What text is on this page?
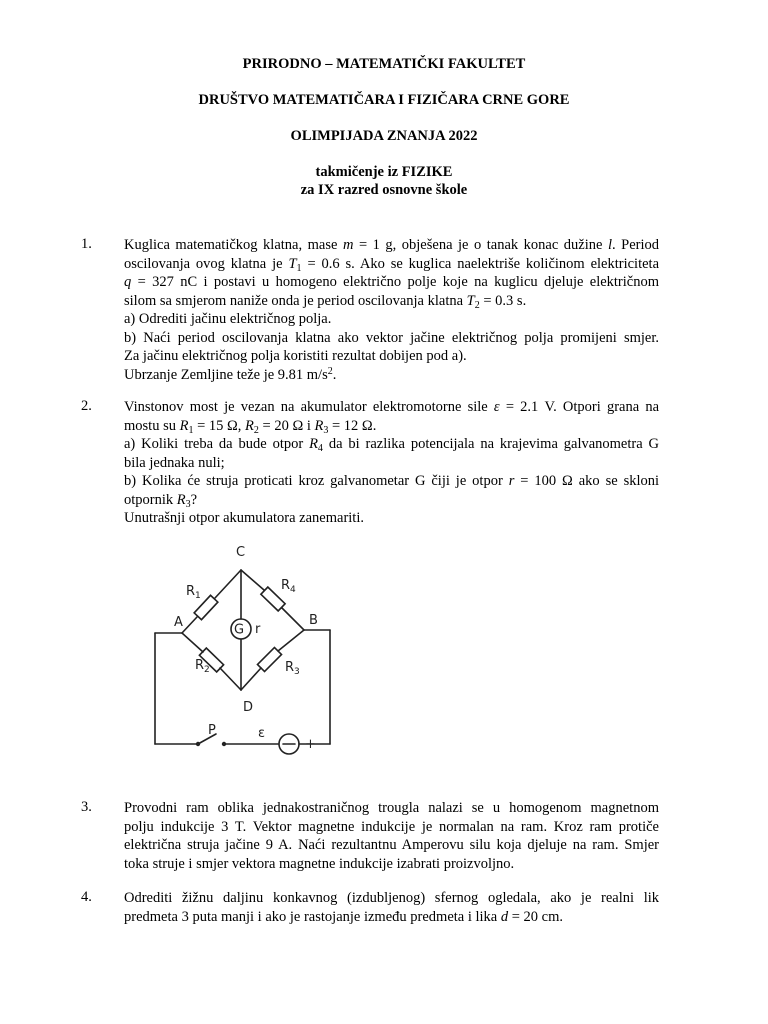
PRIRODNO – MATEMATIČKI FAKULTET
DRUŠTVO MATEMATIČARA I FIZIČARA CRNE GORE
OLIMPIJADA ZNANJA 2022
takmičenje iz FIZIKE
za IX razred osnovne škole
1. Kuglica matematičkog klatna, mase m = 1 g, obješena je o tanak konac dužine l. Period
oscilovanja ovog klatna je $T_1 = 0.6$ s. Ako se kuglica naelektriše količinom elektriciteta
q = 327 nC i postavi u homogeno električno polje koje na kuglicu djeluje električnom
silom sa smjerom naniže onda je period oscilovanja klatna $T_2 = 0.3$ s.
a) Odrediti jačinu električnog polja.
b) Naći period oscilovanja klatna ako vektor jačine električnog polja promijeni smjer.
Za jačinu električnog polja koristiti rezultat dobijen pod a).
Ubrzanje Zemljine teže je 9.81 $m/s^2$.
2. Vinstonov most je vezan na akumulator elektromotorne sile ε = 2.1 V. Otpori grana na
mostu su $R_1 = 15$ Ω, $R_2 = 20$ Ω i $R_3 = 12$ Ω.
a) Koliki treba da bude otpor $R_4$ da bi razlika potencijala na krajevima galvanometra G
bila jednaka nuli;
b) Kolika će struja proticati kroz galvanometar G čiji je otpor r = 100 Ω ako se skloni
otpornik $R_3$?
Unutrašnji otpor akumulatora zanemariti.
C
A	B
D
G r
$R_1$
$R_4$
$R_2$	$R_3$
P	ε
+
3. Provodni ram oblika jednakostraničnog trougla nalazi se u homogenom magnetnom
polju indukcije 3 T. Vektor magnetne indukcije je normalan na ram. Kroz ram protiče
električna struja jačine 9 A. Naći rezultantnu Amperovu silu koja djeluje na ram. Smjer
toka struje i smjer vektora magnetne indukcije izabrati proizvoljno.
4. Odrediti žižnu daljinu konkavnog (izdubljenog) sfernog ogledala, ako je realni lik
predmeta 3 puta manji i ako je rastojanje između predmeta i lika d = 20 cm.
